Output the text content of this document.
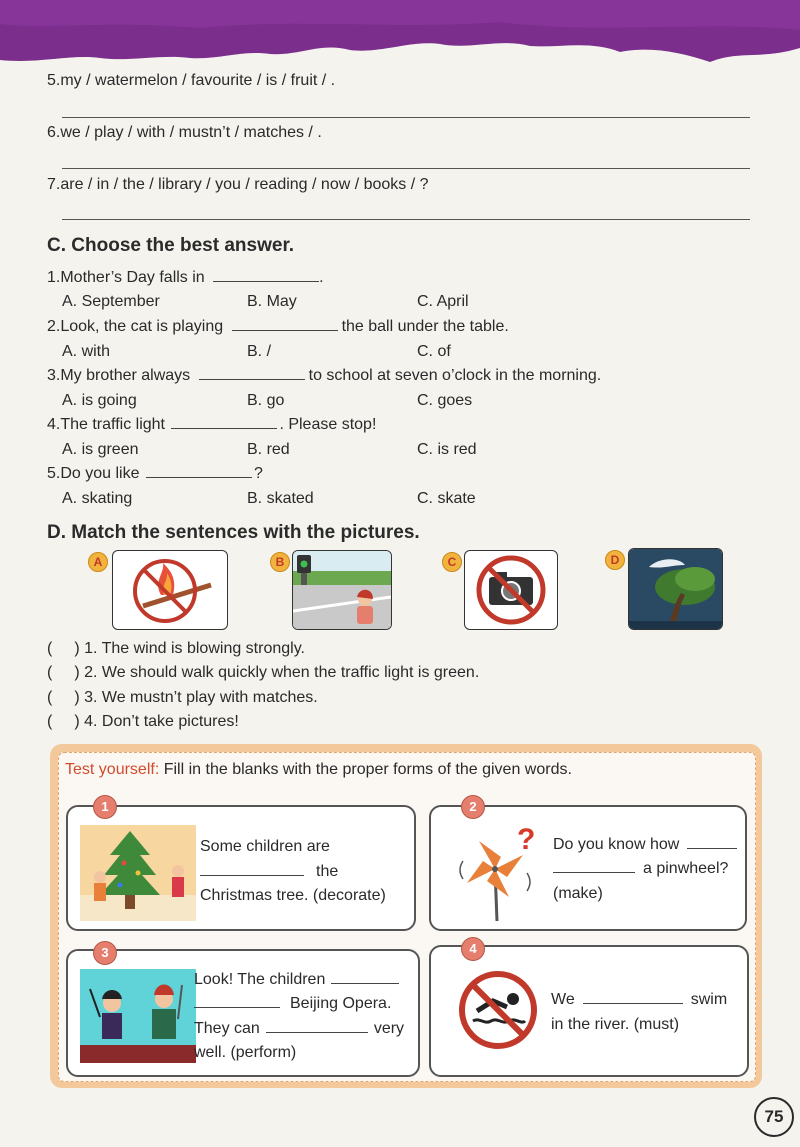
5.my / watermelon / favourite / is / fruit / .
6.we / play / with / mustn’t / matches / .
7.are / in / the / library / you / reading / now / books / ?
C. Choose the best answer.
1.Mother’s Day falls in	.
A. September	B. May	C. April
2.Look, the cat is playing	the ball under the table.
A. with	B. /	C. of
3.My brother always	to school at seven o’clock in the morning.
A. is going	B. go	C. goes
4.The traffic light	. Please stop!
A. is green	B. red	C. is red
5.Do you like	?
A. skating	B. skated	C. skate
D. Match the sentences with the pictures.
A	B	C	D
( ) 1. The wind is blowing strongly.
( ) 2. We should walk quickly when the traffic light is green.
( ) 3. We mustn’t play with matches.
( ) 4. Don’t take pictures!
Test yourself: Fill in the blanks with the proper forms of the given words.
Some children are
the
Christmas tree. (decorate)
1
? Do you know how
a pinwheel?
(make)
2
Look! The children
Beijing Opera.
They can	very
well. (perform)
3
We	swim
in the river. (must)
4
75
